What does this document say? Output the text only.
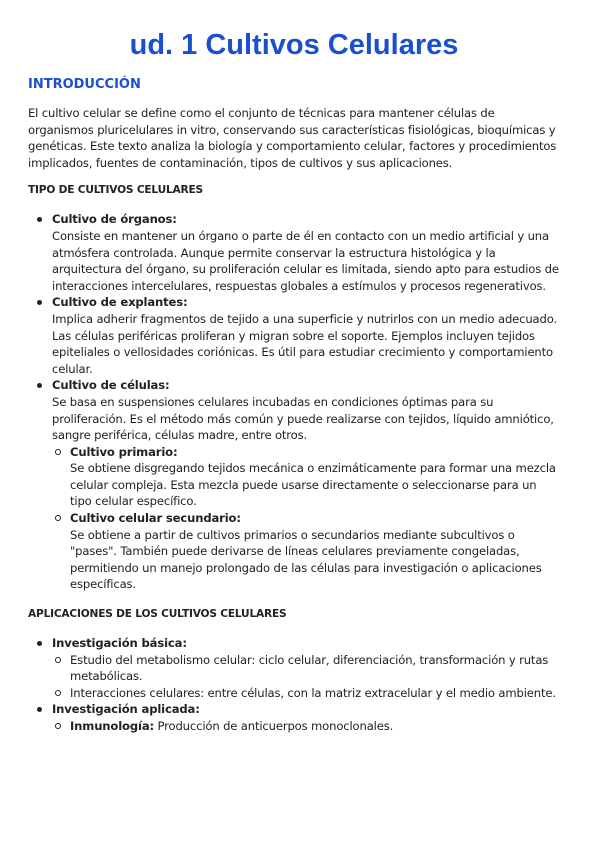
ud. 1 Cultivos Celulares
INTRODUCCIÓN

El cultivo celular se define como el conjunto de técnicas para mantener células de organismos pluricelulares in vitro, conservando sus características fisiológicas, bioquímicas y genéticas. Este texto analiza la biología y comportamiento celular, factores y procedimientos implicados, fuentes de contaminación, tipos de cultivos y sus aplicaciones.

TIPO DE CULTIVOS CELULARES
Cultivo de órganos:
Consiste en mantener un órgano o parte de él en contacto con un medio artificial y una atmósfera controlada. Aunque permite conservar la estructura histológica y la arquitectura del órgano, su proliferación celular es limitada, siendo apto para estudios de interacciones intercelulares, respuestas globales a estímulos y procesos regenerativos.
Cultivo de explantes:
Implica adherir fragmentos de tejido a una superficie y nutrirlos con un medio adecuado. Las células periféricas proliferan y migran sobre el soporte. Ejemplos incluyen tejidos epiteliales o vellosidades coriónicas. Es útil para estudiar crecimiento y comportamiento celular.
Cultivo de células:
Se basa en suspensiones celulares incubadas en condiciones óptimas para su proliferación. Es el método más común y puede realizarse con tejidos, líquido amniótico, sangre periférica, células madre, entre otros.
Cultivo primario:
Se obtiene disgregando tejidos mecánica o enzimáticamente para formar una mezcla celular compleja. Esta mezcla puede usarse directamente o seleccionarse para un tipo celular específico.
Cultivo celular secundario:
Se obtiene a partir de cultivos primarios o secundarios mediante subcultivos o "pases". También puede derivarse de líneas celulares previamente congeladas, permitiendo un manejo prolongado de las células para investigación o aplicaciones específicas.
APLICACIONES DE LOS CULTIVOS CELULARES
Investigación básica:
Estudio del metabolismo celular: ciclo celular, diferenciación, transformación y rutas metabólicas.
Interacciones celulares: entre células, con la matriz extracelular y el medio ambiente.
Investigación aplicada:
Inmunología: Producción de anticuerpos monoclonales.
